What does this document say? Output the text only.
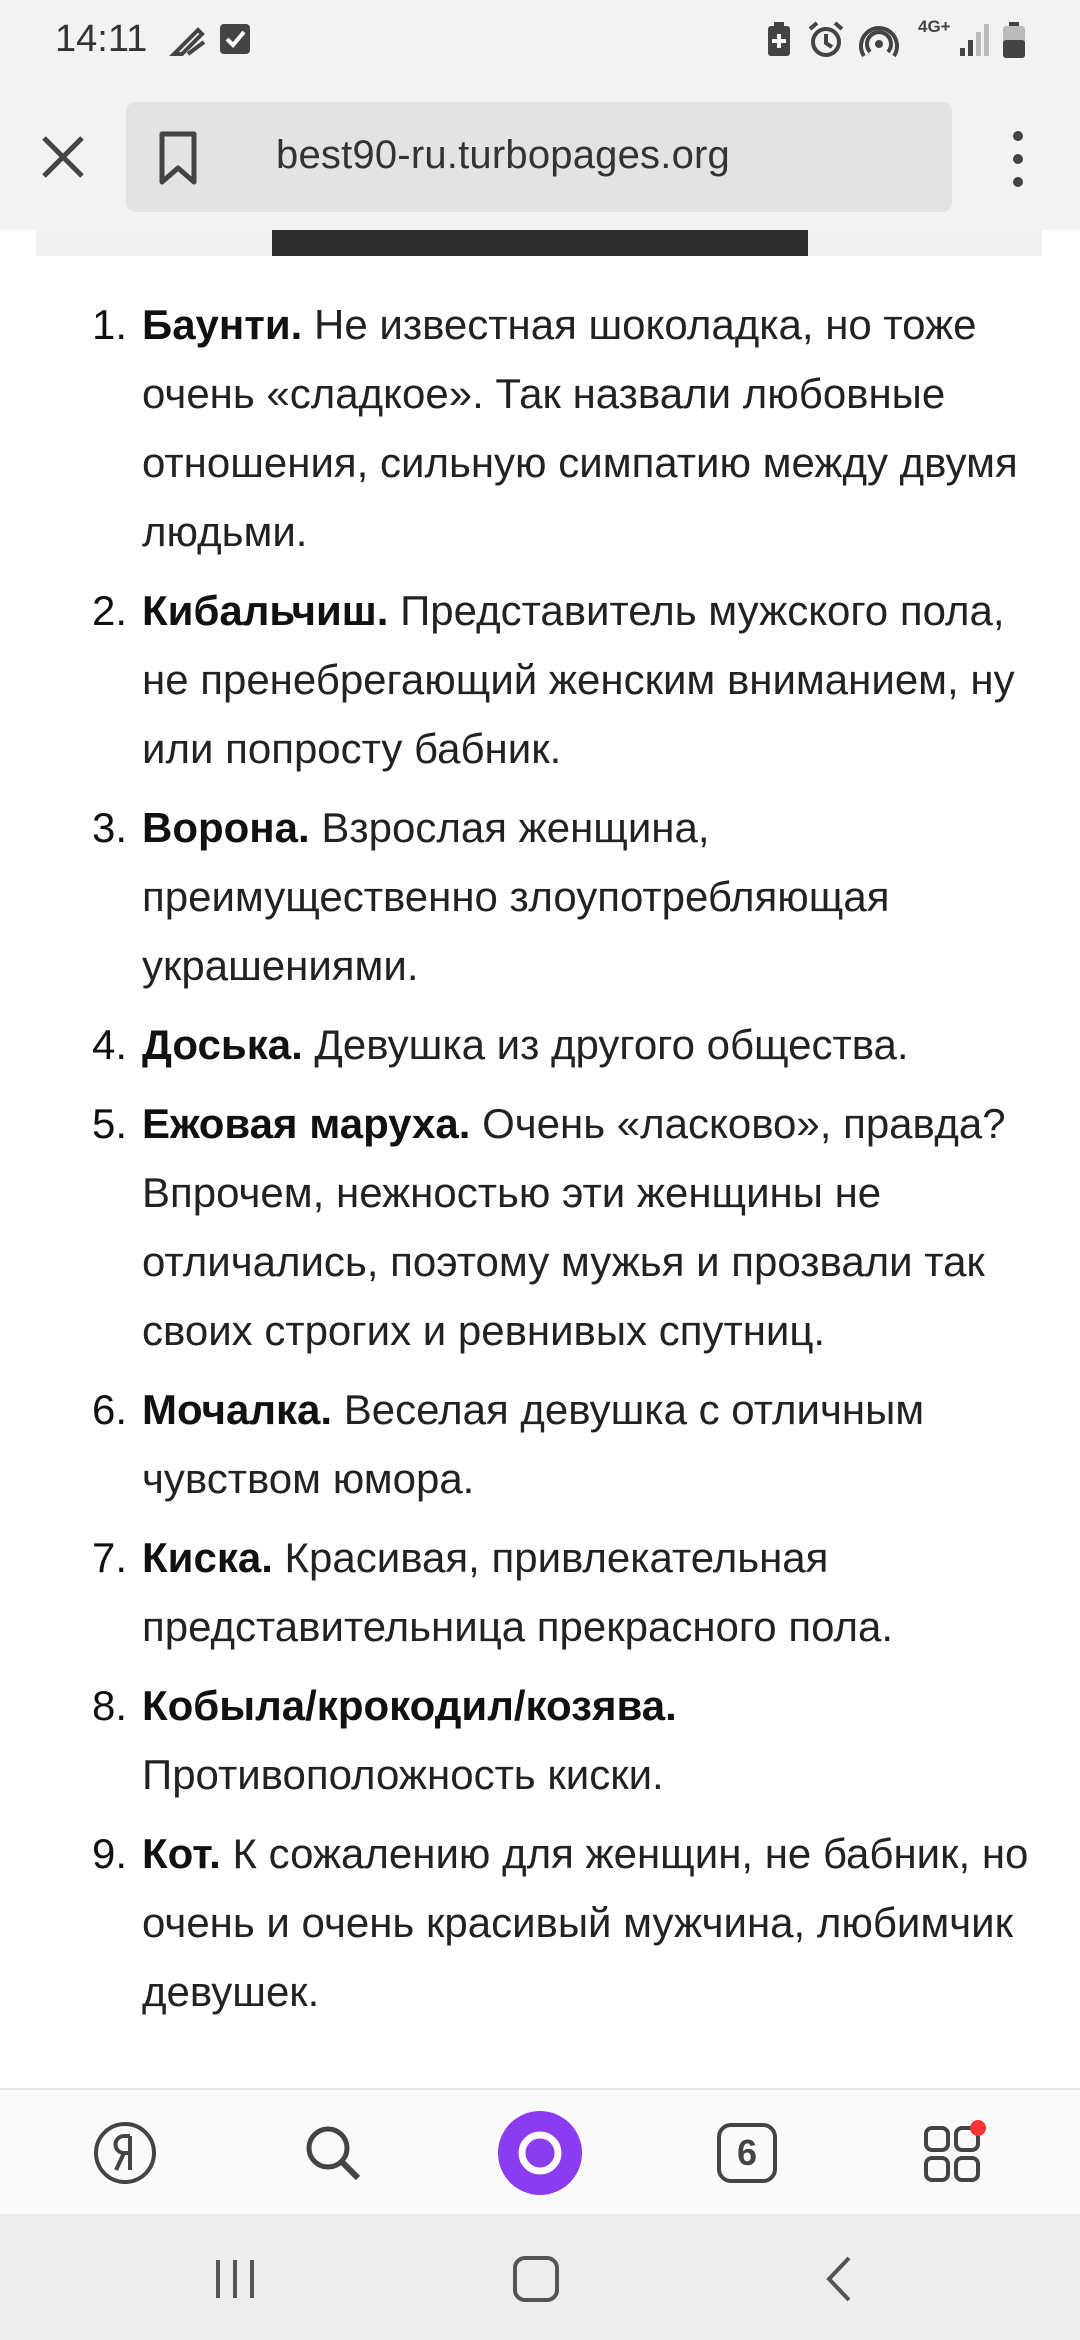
14:11	4G+
best90-ru.turbopages.org
1. Баунти. Не известная шоколадка, но тоже очень «сладкое». Так назвали любовные отношения, сильную симпатию между двумя людьми.
2. Кибальчиш. Представитель мужского пола, не пренебрегающий женским вниманием, ну или попросту бабник.
3. Ворона. Взрослая женщина, преимущественно злоупотребляющая украшениями.
4. Доська. Девушка из другого общества.
5. Ежовая маруха. Очень «ласково», правда? Впрочем, нежностью эти женщины не отличались, поэтому мужья и прозвали так своих строгих и ревнивых спутниц.
6. Мочалка. Веселая девушка с отличным чувством юмора.
7. Киска. Красивая, привлекательная представительница прекрасного пола.
8. Кобыла/крокодил/козява. Противоположность киски.
9. Кот. К сожалению для женщин, не бабник, но очень и очень красивый мужчина, любимчик девушек.
6
